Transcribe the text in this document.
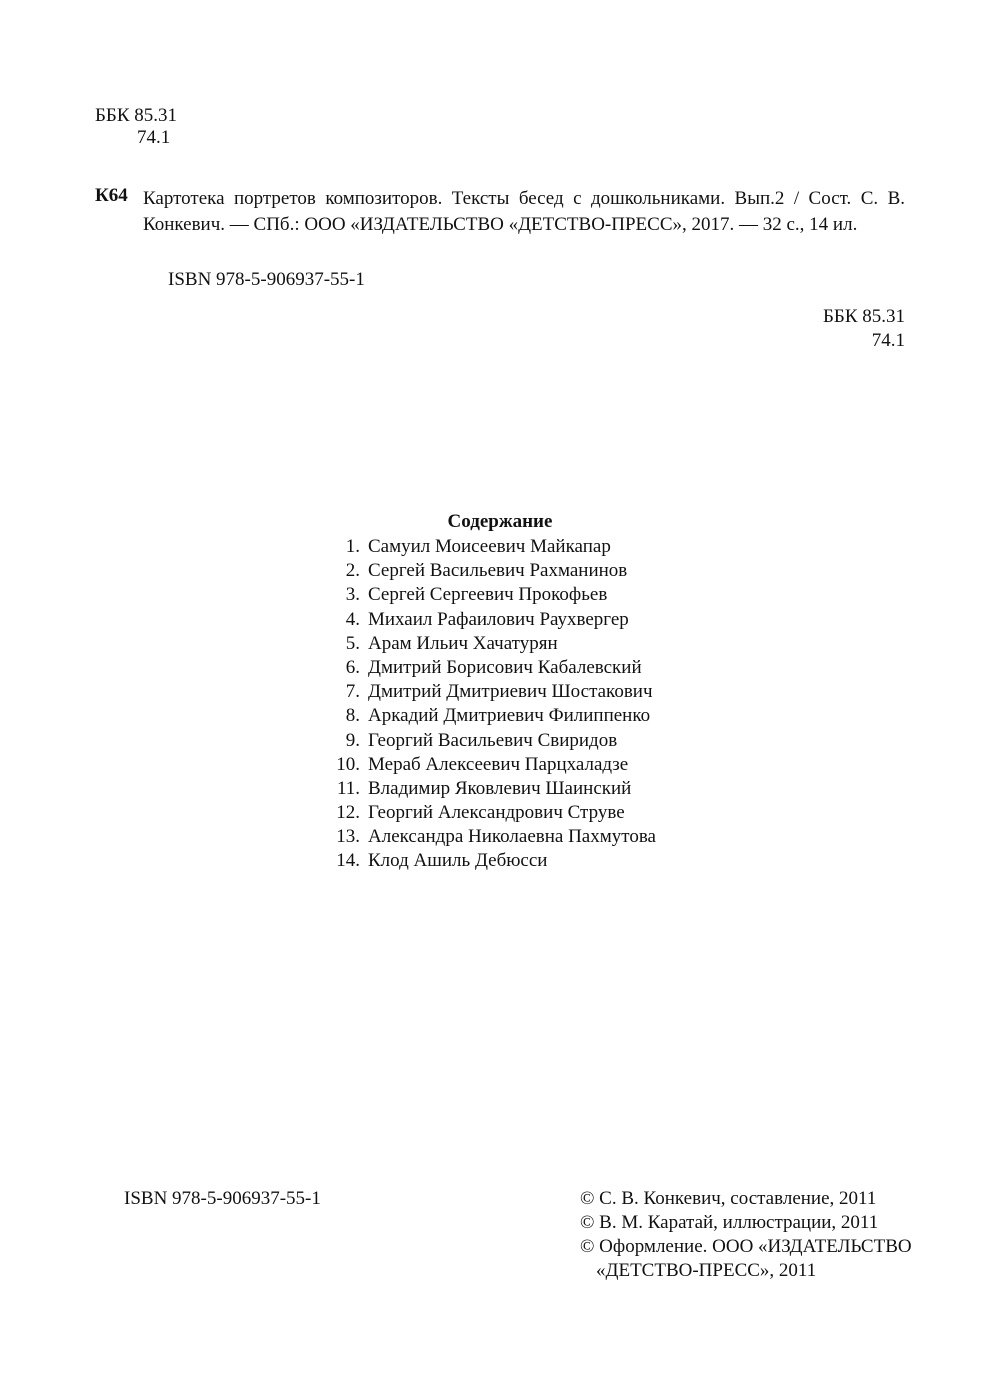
ББК 85.31
74.1
К64 Картотека портретов композиторов. Тексты бесед с дошкольниками. Вып.2 / Сост. С. В. Конкевич. — СПб.: ООО «ИЗДАТЕЛЬСТВО «ДЕТСТВО-ПРЕСС», 2017. — 32 с., 14 ил.
ISBN 978-5-906937-55-1
ББК 85.31
74.1
Содержание
1. Самуил Моисеевич Майкапар
2. Сергей Васильевич Рахманинов
3. Сергей Сергеевич Прокофьев
4. Михаил Рафаилович Раухвергер
5. Арам Ильич Хачатурян
6. Дмитрий Борисович Кабалевский
7. Дмитрий Дмитриевич Шостакович
8. Аркадий Дмитриевич Филиппенко
9. Георгий Васильевич Свиридов
10. Мераб Алексеевич Парцхаладзе
11. Владимир Яковлевич Шаинский
12. Георгий Александрович Струве
13. Александра Николаевна Пахмутова
14. Клод Ашиль Дебюсси
ISBN 978-5-906937-55-1	© С. В. Конкевич, составление, 2011
© В. М. Каратай, иллюстрации, 2011
© Оформление. ООО «ИЗДАТЕЛЬСТВО
«ДЕТСТВО-ПРЕСС», 2011
